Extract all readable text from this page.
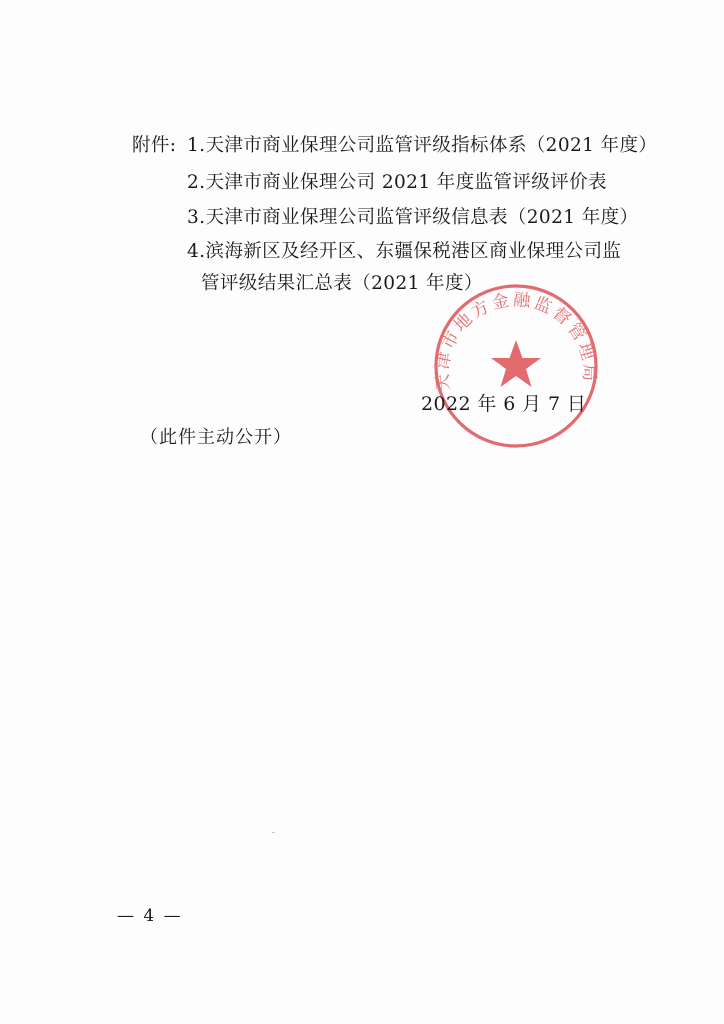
附件: 1.天津市商业保理公司监管评级指标体系（2021 年度）
2.天津市商业保理公司 2021 年度监管评级评价表
3.天津市商业保理公司监管评级信息表（2021 年度）
4.滨海新区及经开区、东疆保税港区商业保理公司监
管评级结果汇总表（2021 年度）
天津市地方金融监督管理局
2022 年 6 月 7 日
（此件主动公开）
— 4 —
